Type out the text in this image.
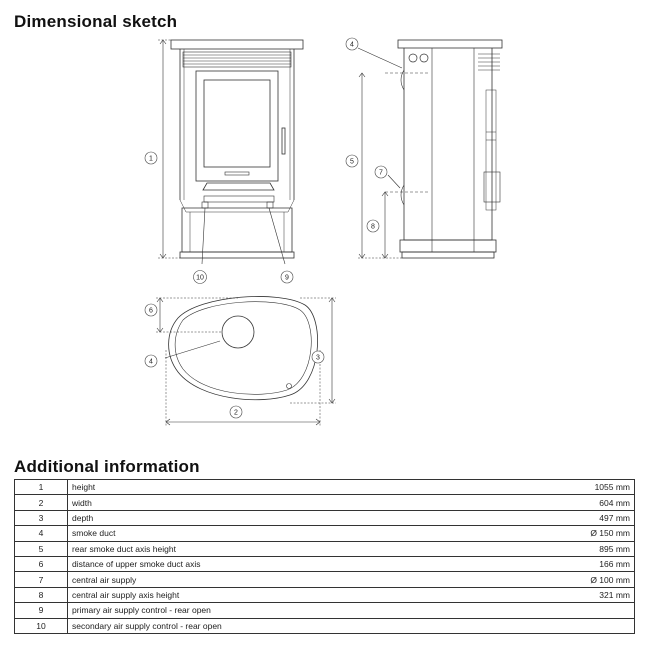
Dimensional sketch
1
10	9
4
5
7
8
6
4
3
2
Additional information
1	height	1055 mm
2	width	604 mm
3	depth	497 mm
4	smoke duct	Ø 150 mm
5	rear smoke duct axis height	895 mm
6	distance of upper smoke duct axis	166 mm
7	central air supply	Ø 100 mm
8	central air supply axis height	321 mm
9	primary air supply control - rear open	
10	secondary air supply control - rear open	
